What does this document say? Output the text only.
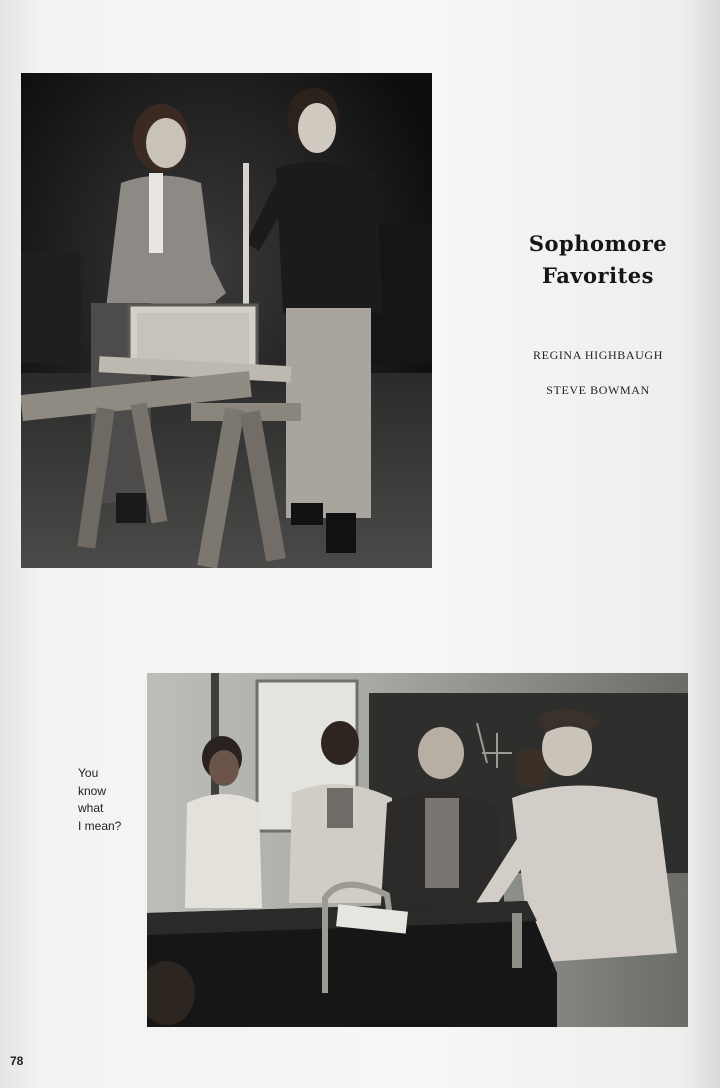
Sophomore
Favorites
REGINA HIGHBAUGH
STEVE BOWMAN
You
know
what
I mean?
78
